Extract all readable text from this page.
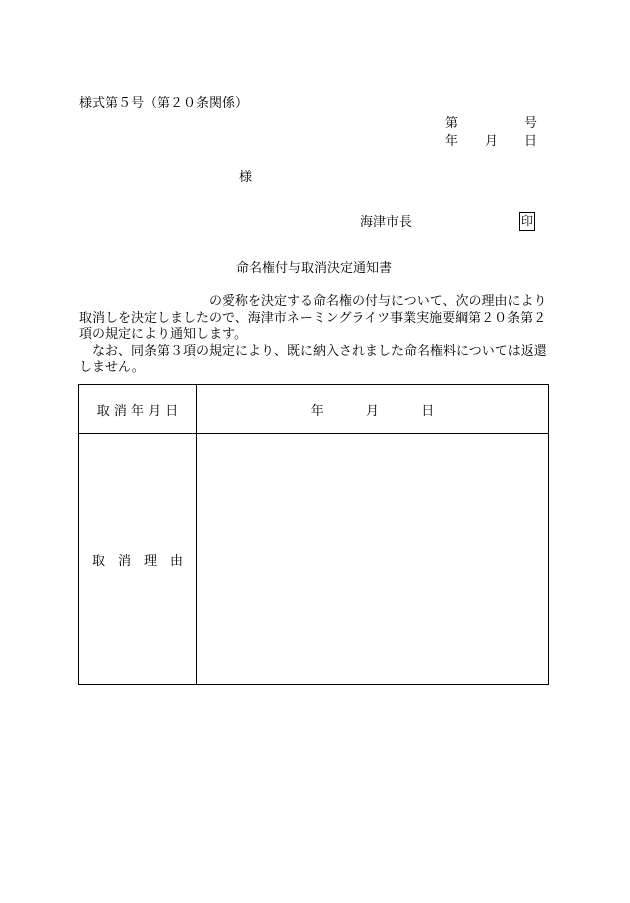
様式第５号（第２０条関係）
第	号
年 月 日
様
海津市長	印
命名権付与取消決定通知書

の愛称を決定する命名権の付与について、次の理由により取消しを決定しましたので、海津市ネーミングライツ事業実施要綱第２０条第２項の規定により通知します。

なお、同条第３項の規定により、既に納入されました命名権料については返還しません。

取 消 年 月 日	年 月 日
取　消　理　由	
